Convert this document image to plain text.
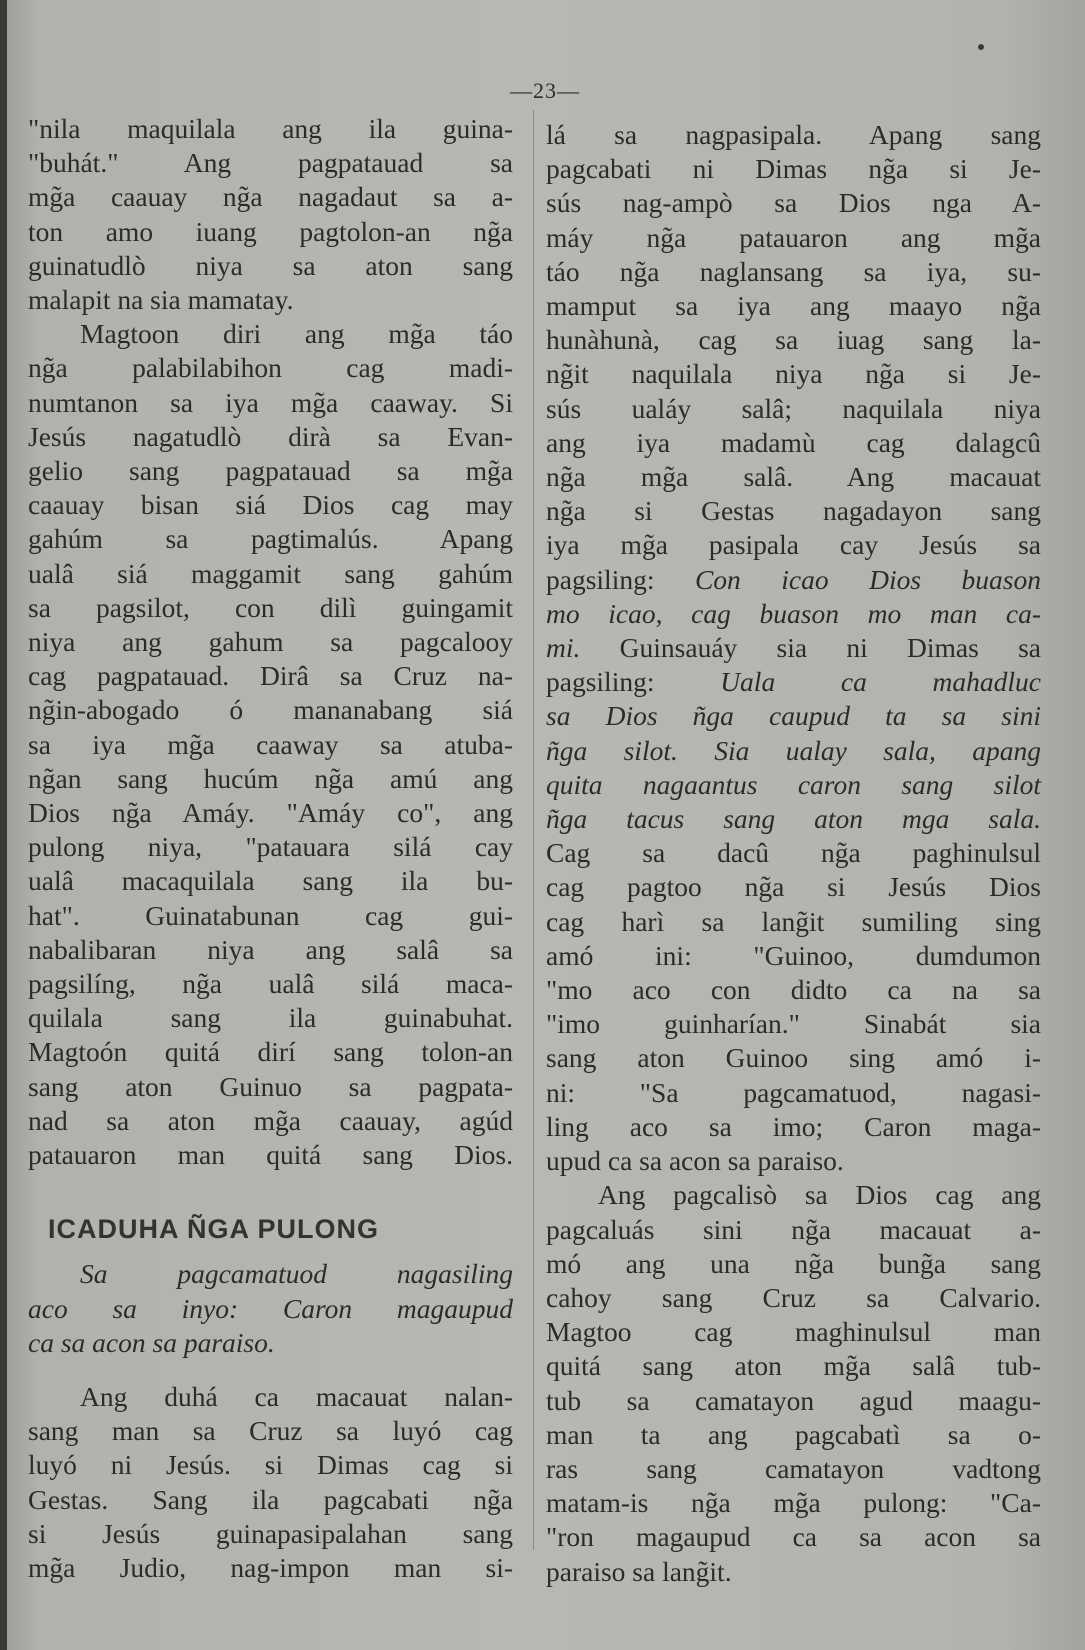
—23—

"nila maquilala ang ila guina-
"buhát." Ang pagpatauad sa
mg̃a caauay ng̃a nagadaut sa a-
ton amo iuang pagtolon-an ng̃a
guinatudlò niya sa aton sang
malapit na sia mamatay.

Magtoon diri ang mg̃a táo
ng̃a palabilabihon cag madi-
numtanon sa iya mg̃a caaway. Si
Jesús nagatudlò dirà sa Evan-
gelio sang pagpatauad sa mg̃a
caauay bisan siá Dios cag may
gahúm sa pagtimalús. Apang
ualâ siá maggamit sang gahúm
sa pagsilot, con dilì guingamit
niya ang gahum sa pagcalooy
cag pagpatauad. Dirâ sa Cruz na-
ng̃in-abogado ó mananabang siá
sa iya mg̃a caaway sa atuba-
ng̃an sang hucúm ng̃a amú ang
Dios ng̃a Amáy. "Amáy co", ang
pulong niya, "patauara silá cay
ualâ macaquilala sang ila bu-
hat". Guinatabunan cag gui-
nabalibaran niya ang salâ sa
pagsilíng, ng̃a ualâ silá maca-
quilala sang ila guinabuhat.
Magtoón quitá dirí sang tolon-an
sang aton Guinuo sa pagpata-
nad sa aton mg̃a caauay, agúd
patauaron man quitá sang Dios.

ICADUHA ÑGA PULONG

Sa pagcamatuod nagasiling
aco sa inyo: Caron magaupud
ca sa acon sa paraiso.

Ang duhá ca macauat nalan-
sang man sa Cruz sa luyó cag
luyó ni Jesús. si Dimas cag si
Gestas. Sang ila pagcabati ng̃a
si Jesús guinapasipalahan sang
mg̃a Judio, nag-impon man si-

lá sa nagpasipala. Apang sang
pagcabati ni Dimas ng̃a si Je-
sús nag-ampò sa Dios nga A-
máy ng̃a patauaron ang mg̃a
táo ng̃a naglansang sa iya, su-
mamput sa iya ang maayo ng̃a
hunàhunà, cag sa iuag sang la-
ng̃it naquilala niya ng̃a si Je-
sús ualáy salâ; naquilala niya
ang iya madamù cag dalagcû
ng̃a mg̃a salâ. Ang macauat
ng̃a si Gestas nagadayon sang
iya mg̃a pasipala cay Jesús sa
pagsiling: Con icao Dios buason
mo icao, cag buason mo man ca-
mi. Guinsauáy sia ni Dimas sa
pagsiling: Uala ca mahadluc
sa Dios ñga caupud ta sa sini
ñga silot. Sia ualay sala, apang
quita nagaantus caron sang silot
ñga tacus sang aton mga sala.

Cag sa dacû ng̃a paghinulsul
cag pagtoo ng̃a si Jesús Dios
cag harì sa lang̃it sumiling sing
amó ini: "Guinoo, dumdumon
"mo aco con didto ca na sa
"imo guinharían." Sinabát sia
sang aton Guinoo sing amó i-
ni: "Sa pagcamatuod, nagasi-
ling aco sa imo; Caron maga-
upud ca sa acon sa paraiso.

Ang pagcalisò sa Dios cag ang
pagcaluás sini ng̃a macauat a-
mó ang una ng̃a bung̃a sang
cahoy sang Cruz sa Calvario.
Magtoo cag maghinulsul man
quitá sang aton mg̃a salâ tub-
tub sa camatayon agud maagu-
man ta ang pagcabatì sa o-
ras sang camatayon vadtong
matam-is ng̃a mg̃a pulong: "Ca-
"ron magaupud ca sa acon sa
paraiso sa lang̃it.
